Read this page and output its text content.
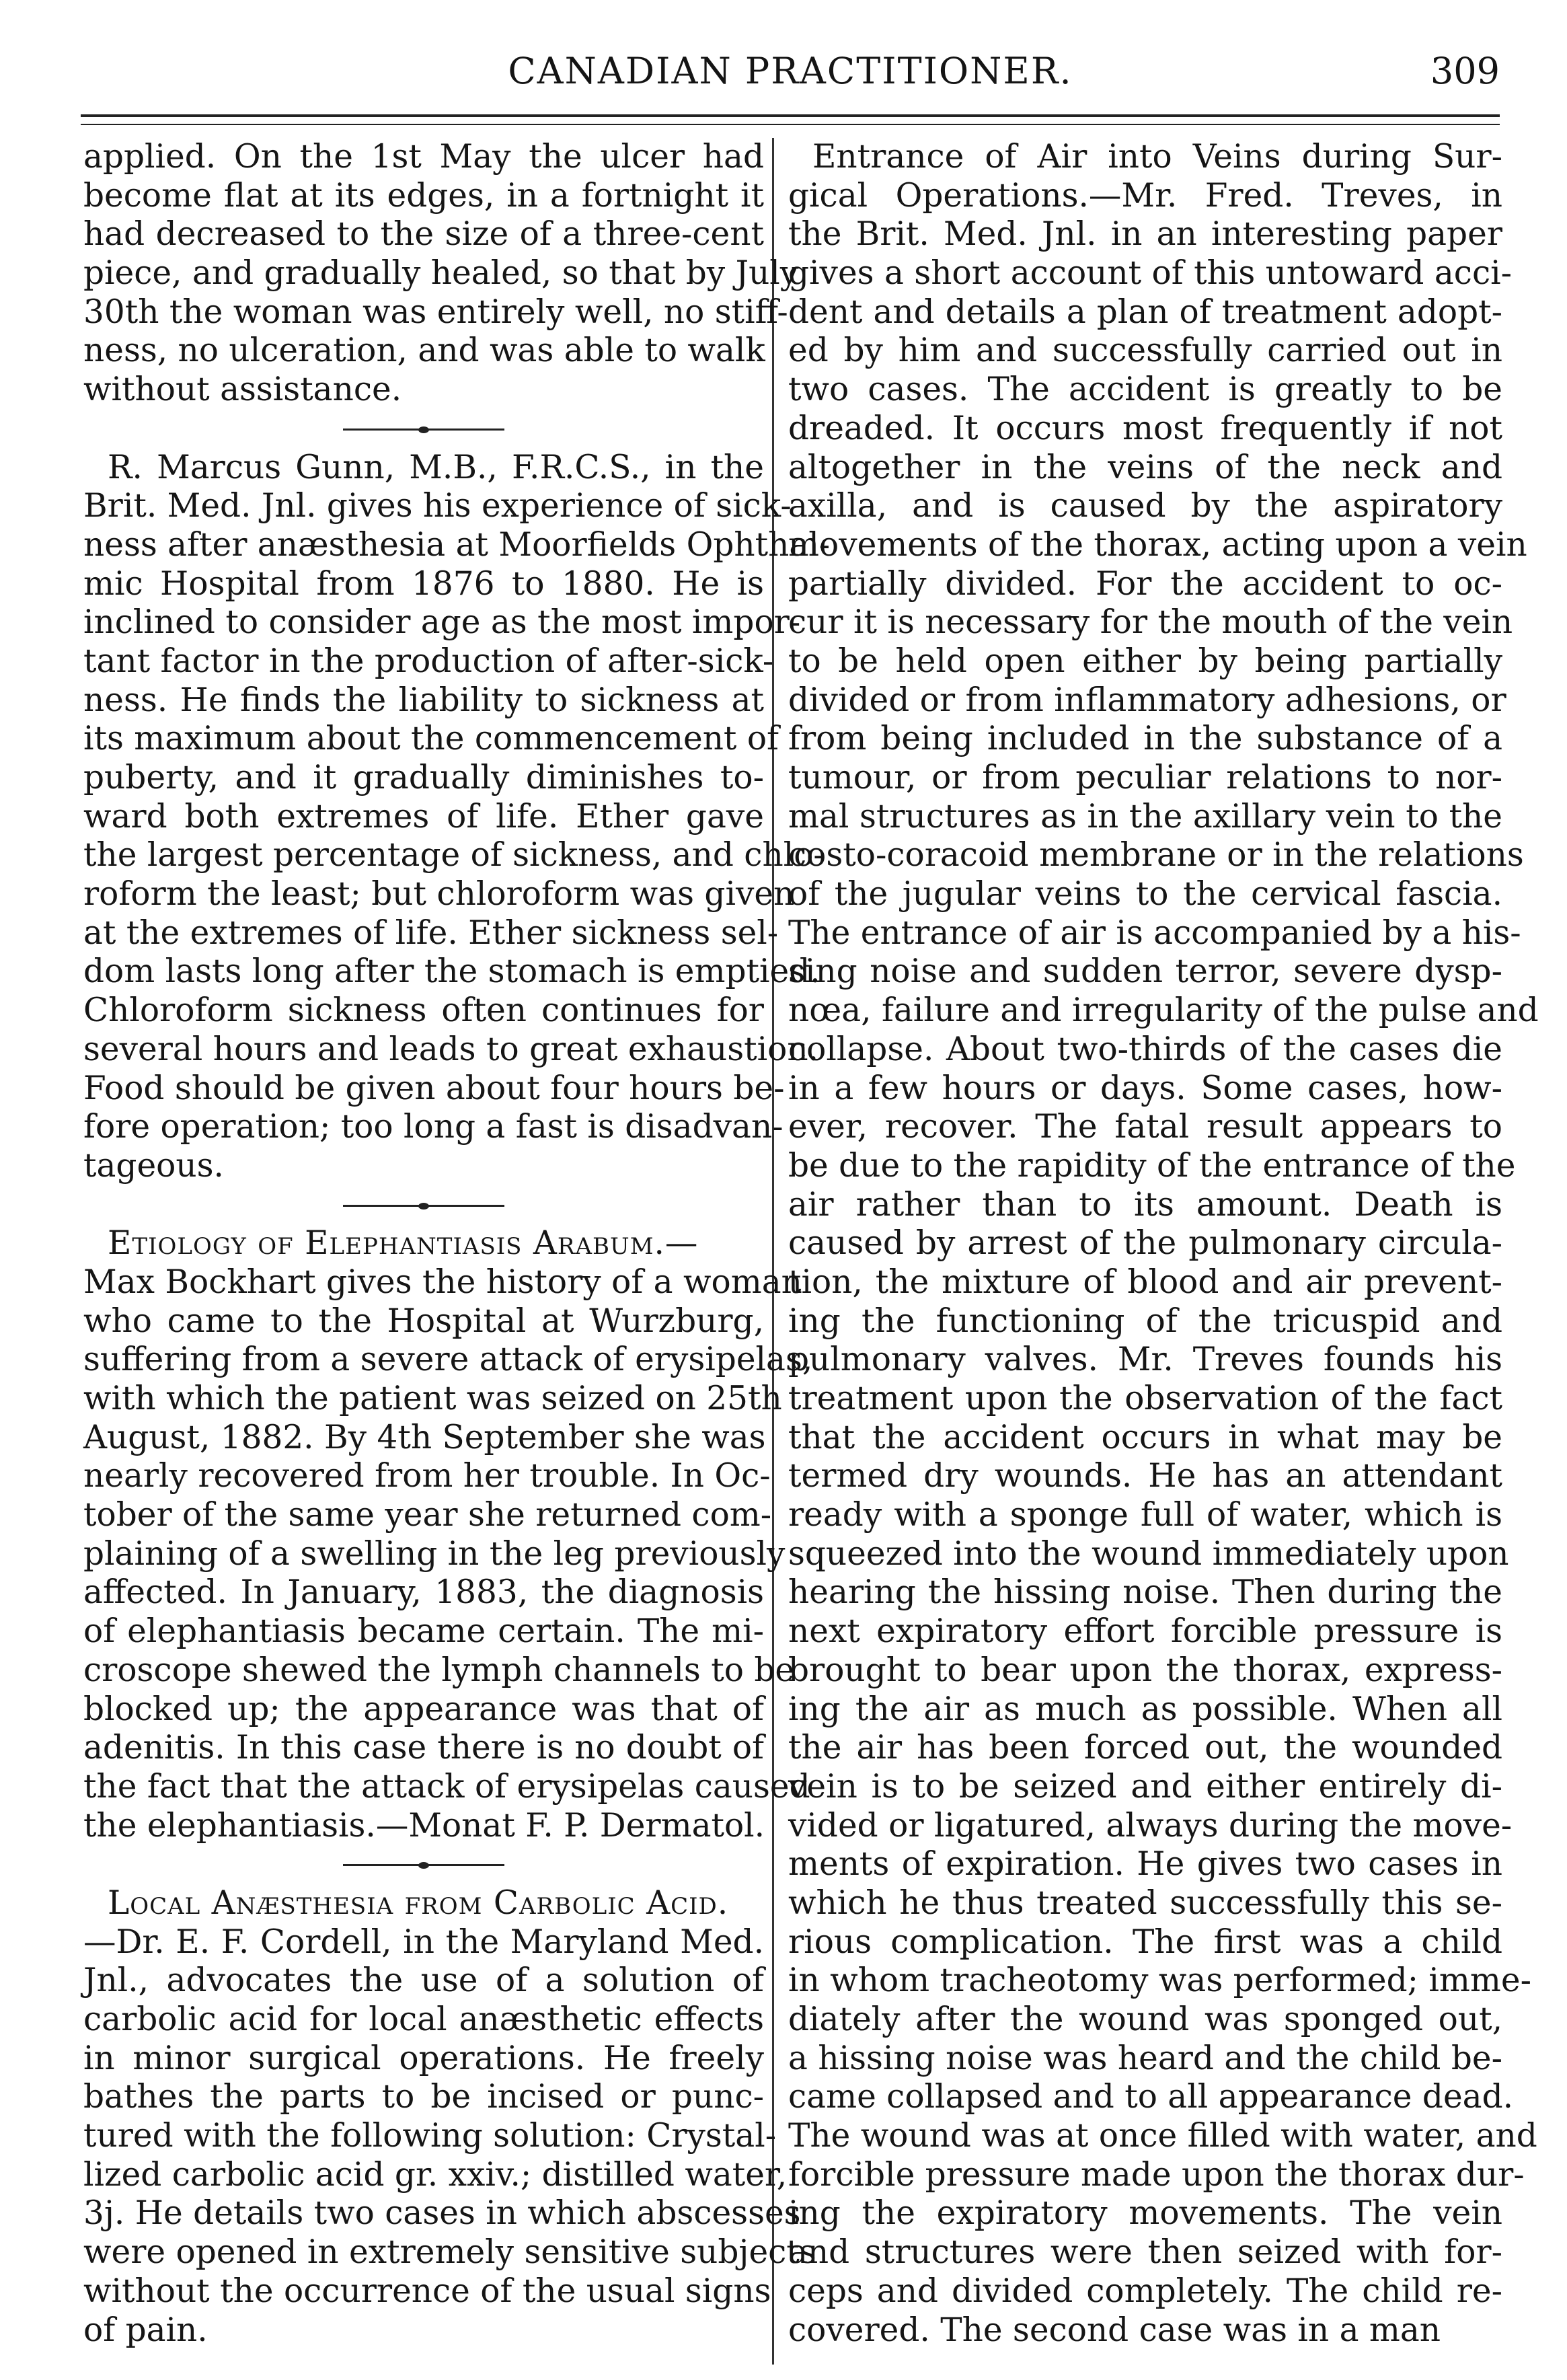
CANADIAN PRACTITIONER.	309
applied. On the 1st May the ulcer had
become flat at its edges, in a fortnight it
had decreased to the size of a three-cent
piece, and gradually healed, so that by July
30th the woman was entirely well, no stiff-
ness, no ulceration, and was able to walk
without assistance.
R. Marcus Gunn, M.B., F.R.C.S., in the
Brit. Med. Jnl. gives his experience of sick-
ness after anæsthesia at Moorfields Ophthal-
mic Hospital from 1876 to 1880. He is
inclined to consider age as the most impor-
tant factor in the production of after-sick-
ness. He finds the liability to sickness at
its maximum about the commencement of
puberty, and it gradually diminishes to-
ward both extremes of life. Ether gave
the largest percentage of sickness, and chlo-
roform the least; but chloroform was given
at the extremes of life. Ether sickness sel-
dom lasts long after the stomach is emptied.
Chloroform sickness often continues for
several hours and leads to great exhaustion.
Food should be given about four hours be-
fore operation; too long a fast is disadvan-
tageous.
Etiology of Elephantiasis Arabum.—
Max Bockhart gives the history of a woman
who came to the Hospital at Wurzburg,
suffering from a severe attack of erysipelas,
with which the patient was seized on 25th
August, 1882. By 4th September she was
nearly recovered from her trouble. In Oc-
tober of the same year she returned com-
plaining of a swelling in the leg previously
affected. In January, 1883, the diagnosis
of elephantiasis became certain. The mi-
croscope shewed the lymph channels to be
blocked up; the appearance was that of
adenitis. In this case there is no doubt of
the fact that the attack of erysipelas caused
the elephantiasis.—Monat F. P. Dermatol.
Local Anæsthesia from Carbolic Acid.
—Dr. E. F. Cordell, in the Maryland Med.
Jnl., advocates the use of a solution of
carbolic acid for local anæsthetic effects
in minor surgical operations. He freely
bathes the parts to be incised or punc-
tured with the following solution: Crystal-
lized carbolic acid gr. xxiv.; distilled water,
3j. He details two cases in which abscesses
were opened in extremely sensitive subjects
without the occurrence of the usual signs
of pain.
Entrance of Air into Veins during Sur-
gical Operations.—Mr. Fred. Treves, in
the Brit. Med. Jnl. in an interesting paper
gives a short account of this untoward acci-
dent and details a plan of treatment adopt-
ed by him and successfully carried out in
two cases. The accident is greatly to be
dreaded. It occurs most frequently if not
altogether in the veins of the neck and
axilla, and is caused by the aspiratory
movements of the thorax, acting upon a vein
partially divided. For the accident to oc-
cur it is necessary for the mouth of the vein
to be held open either by being partially
divided or from inflammatory adhesions, or
from being included in the substance of a
tumour, or from peculiar relations to nor-
mal structures as in the axillary vein to the
costo-coracoid membrane or in the relations
of the jugular veins to the cervical fascia.
The entrance of air is accompanied by a his-
sing noise and sudden terror, severe dysp-
nœa, failure and irregularity of the pulse and
collapse. About two-thirds of the cases die
in a few hours or days. Some cases, how-
ever, recover. The fatal result appears to
be due to the rapidity of the entrance of the
air rather than to its amount. Death is
caused by arrest of the pulmonary circula-
tion, the mixture of blood and air prevent-
ing the functioning of the tricuspid and
pulmonary valves. Mr. Treves founds his
treatment upon the observation of the fact
that the accident occurs in what may be
termed dry wounds. He has an attendant
ready with a sponge full of water, which is
squeezed into the wound immediately upon
hearing the hissing noise. Then during the
next expiratory effort forcible pressure is
brought to bear upon the thorax, express-
ing the air as much as possible. When all
the air has been forced out, the wounded
vein is to be seized and either entirely di-
vided or ligatured, always during the move-
ments of expiration. He gives two cases in
which he thus treated successfully this se-
rious complication. The first was a child
in whom tracheotomy was performed; imme-
diately after the wound was sponged out,
a hissing noise was heard and the child be-
came collapsed and to all appearance dead.
The wound was at once filled with water, and
forcible pressure made upon the thorax dur-
ing the expiratory movements. The vein
and structures were then seized with for-
ceps and divided completely. The child re-
covered. The second case was in a man
